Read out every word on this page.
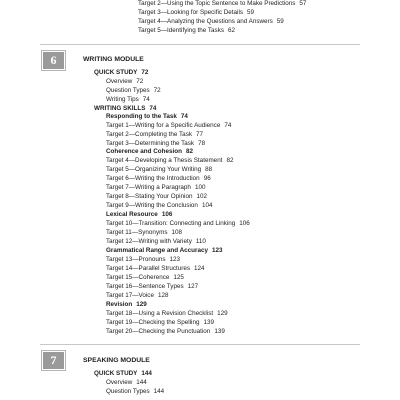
Target 2—Using the Topic Sentence to Make Predictions 57
Target 3—Looking for Specific Details 59
Target 4—Analyzing the Questions and Answers 59
Target 5—Identifying the Tasks 62
6	WRITING MODULE
QUICK STUDY 72
Overview 72
Question Types 72
Writing Tips 74
WRITING SKILLS 74
Responding to the Task 74
Target 1—Writing for a Specific Audience 74
Target 2—Completing the Task 77
Target 3—Determining the Task 78
Coherence and Cohesion 82
Target 4—Developing a Thesis Statement 82
Target 5—Organizing Your Writing 88
Target 6—Writing the Introduction 96
Target 7—Writing a Paragraph 100
Target 8—Stating Your Opinion 102
Target 9—Writing the Conclusion 104
Lexical Resource 106
Target 10—Transition: Connecting and Linking 106
Target 11—Synonyms 108
Target 12—Writing with Variety 110
Grammatical Range and Accuracy 123
Target 13—Pronouns 123
Target 14—Parallel Structures 124
Target 15—Coherence 125
Target 16—Sentence Types 127
Target 17—Voice 128
Revision 129
Target 18—Using a Revision Checklist 129
Target 19—Checking the Spelling 139
Target 20—Checking the Punctuation 139
7	SPEAKING MODULE
QUICK STUDY 144
Overview 144
Question Types 144
